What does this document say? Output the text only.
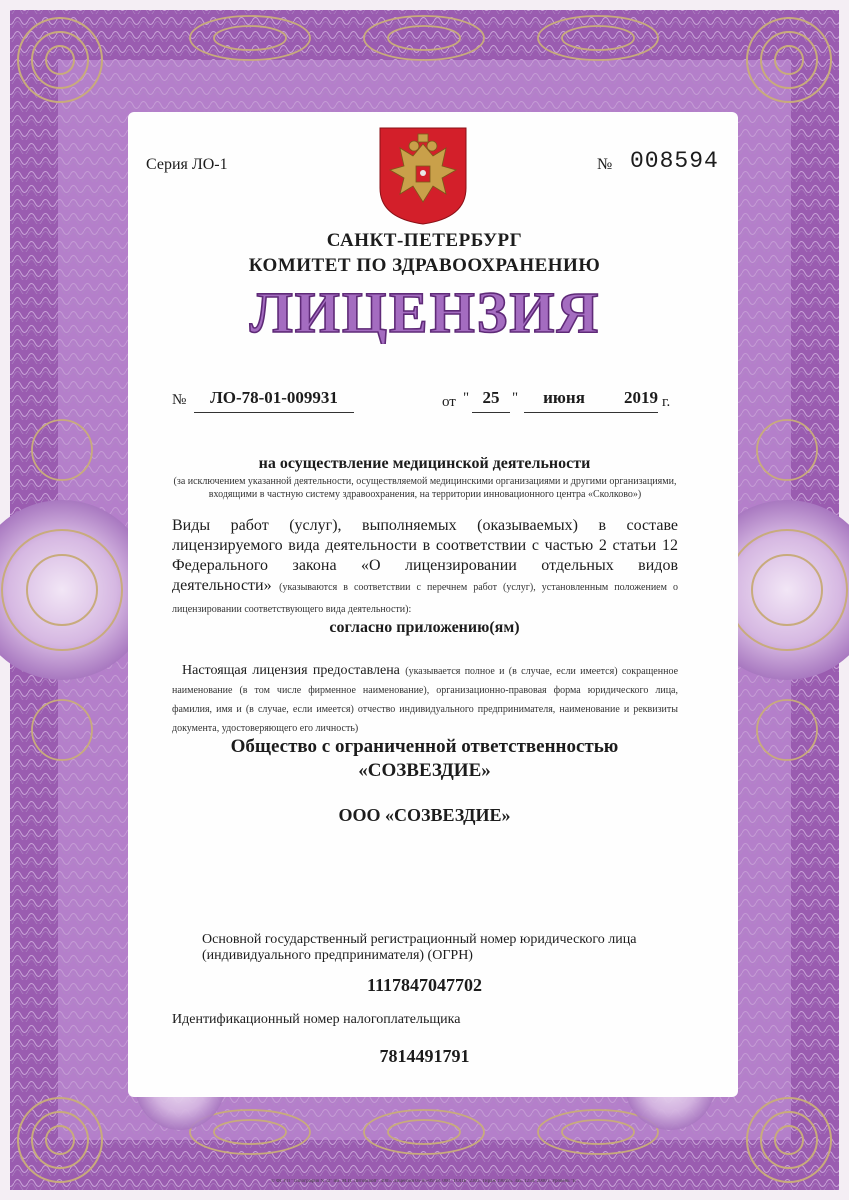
Серия ЛО-1	№ 008594
САНКТ-ПЕТЕРБУРГ
КОМИТЕТ ПО ЗДРАВООХРАНЕНИЮ
ЛИЦЕНЗИЯ
№	ЛО-78-01-009931	от " 25 "	июня	2019 г.
на осуществление медицинской деятельности
(за исключением указанной деятельности, осуществляемой медицинскими организациями и другими организациями, входящими в частную систему здравоохранения, на территории инновационного центра «Сколково»)
Виды работ (услуг), выполняемых (оказываемых) в составе лицензируемого вида деятельности в соответствии с частью 2 статьи 12 Федерального закона «О лицензировании отдельных видов деятельности» (указываются в соответствии с перечнем работ (услуг), установленным положением о лицензировании соответствующего вида деятельности):
согласно приложению(ям)
Настоящая лицензия предоставлена (указывается полное и (в случае, если имеется) сокращенное наименование (в том числе фирменное наименование), организационно-правовая форма юридического лица, фамилия, имя и (в случае, если имеется) отчество индивидуального предпринимателя, наименование и реквизиты документа, удостоверяющего его личность)
Общество с ограниченной ответственностью
«СОЗВЕЗДИЕ»
ООО «СОЗВЕЗДИЕ»
Основной государственный регистрационный номер юридического лица (индивидуального предпринимателя) (ОГРН)
1117847047702
Идентификационный номер налогоплательщика
7814491791
© ФГУП "Типография N 32" им. М.И. Литовской". 4005. Лицензия 05-05-09/18. 000 "ТОПБ" 2303. Тираж 190495. Зак. 1250. 2000 г. Уровень "Б".
